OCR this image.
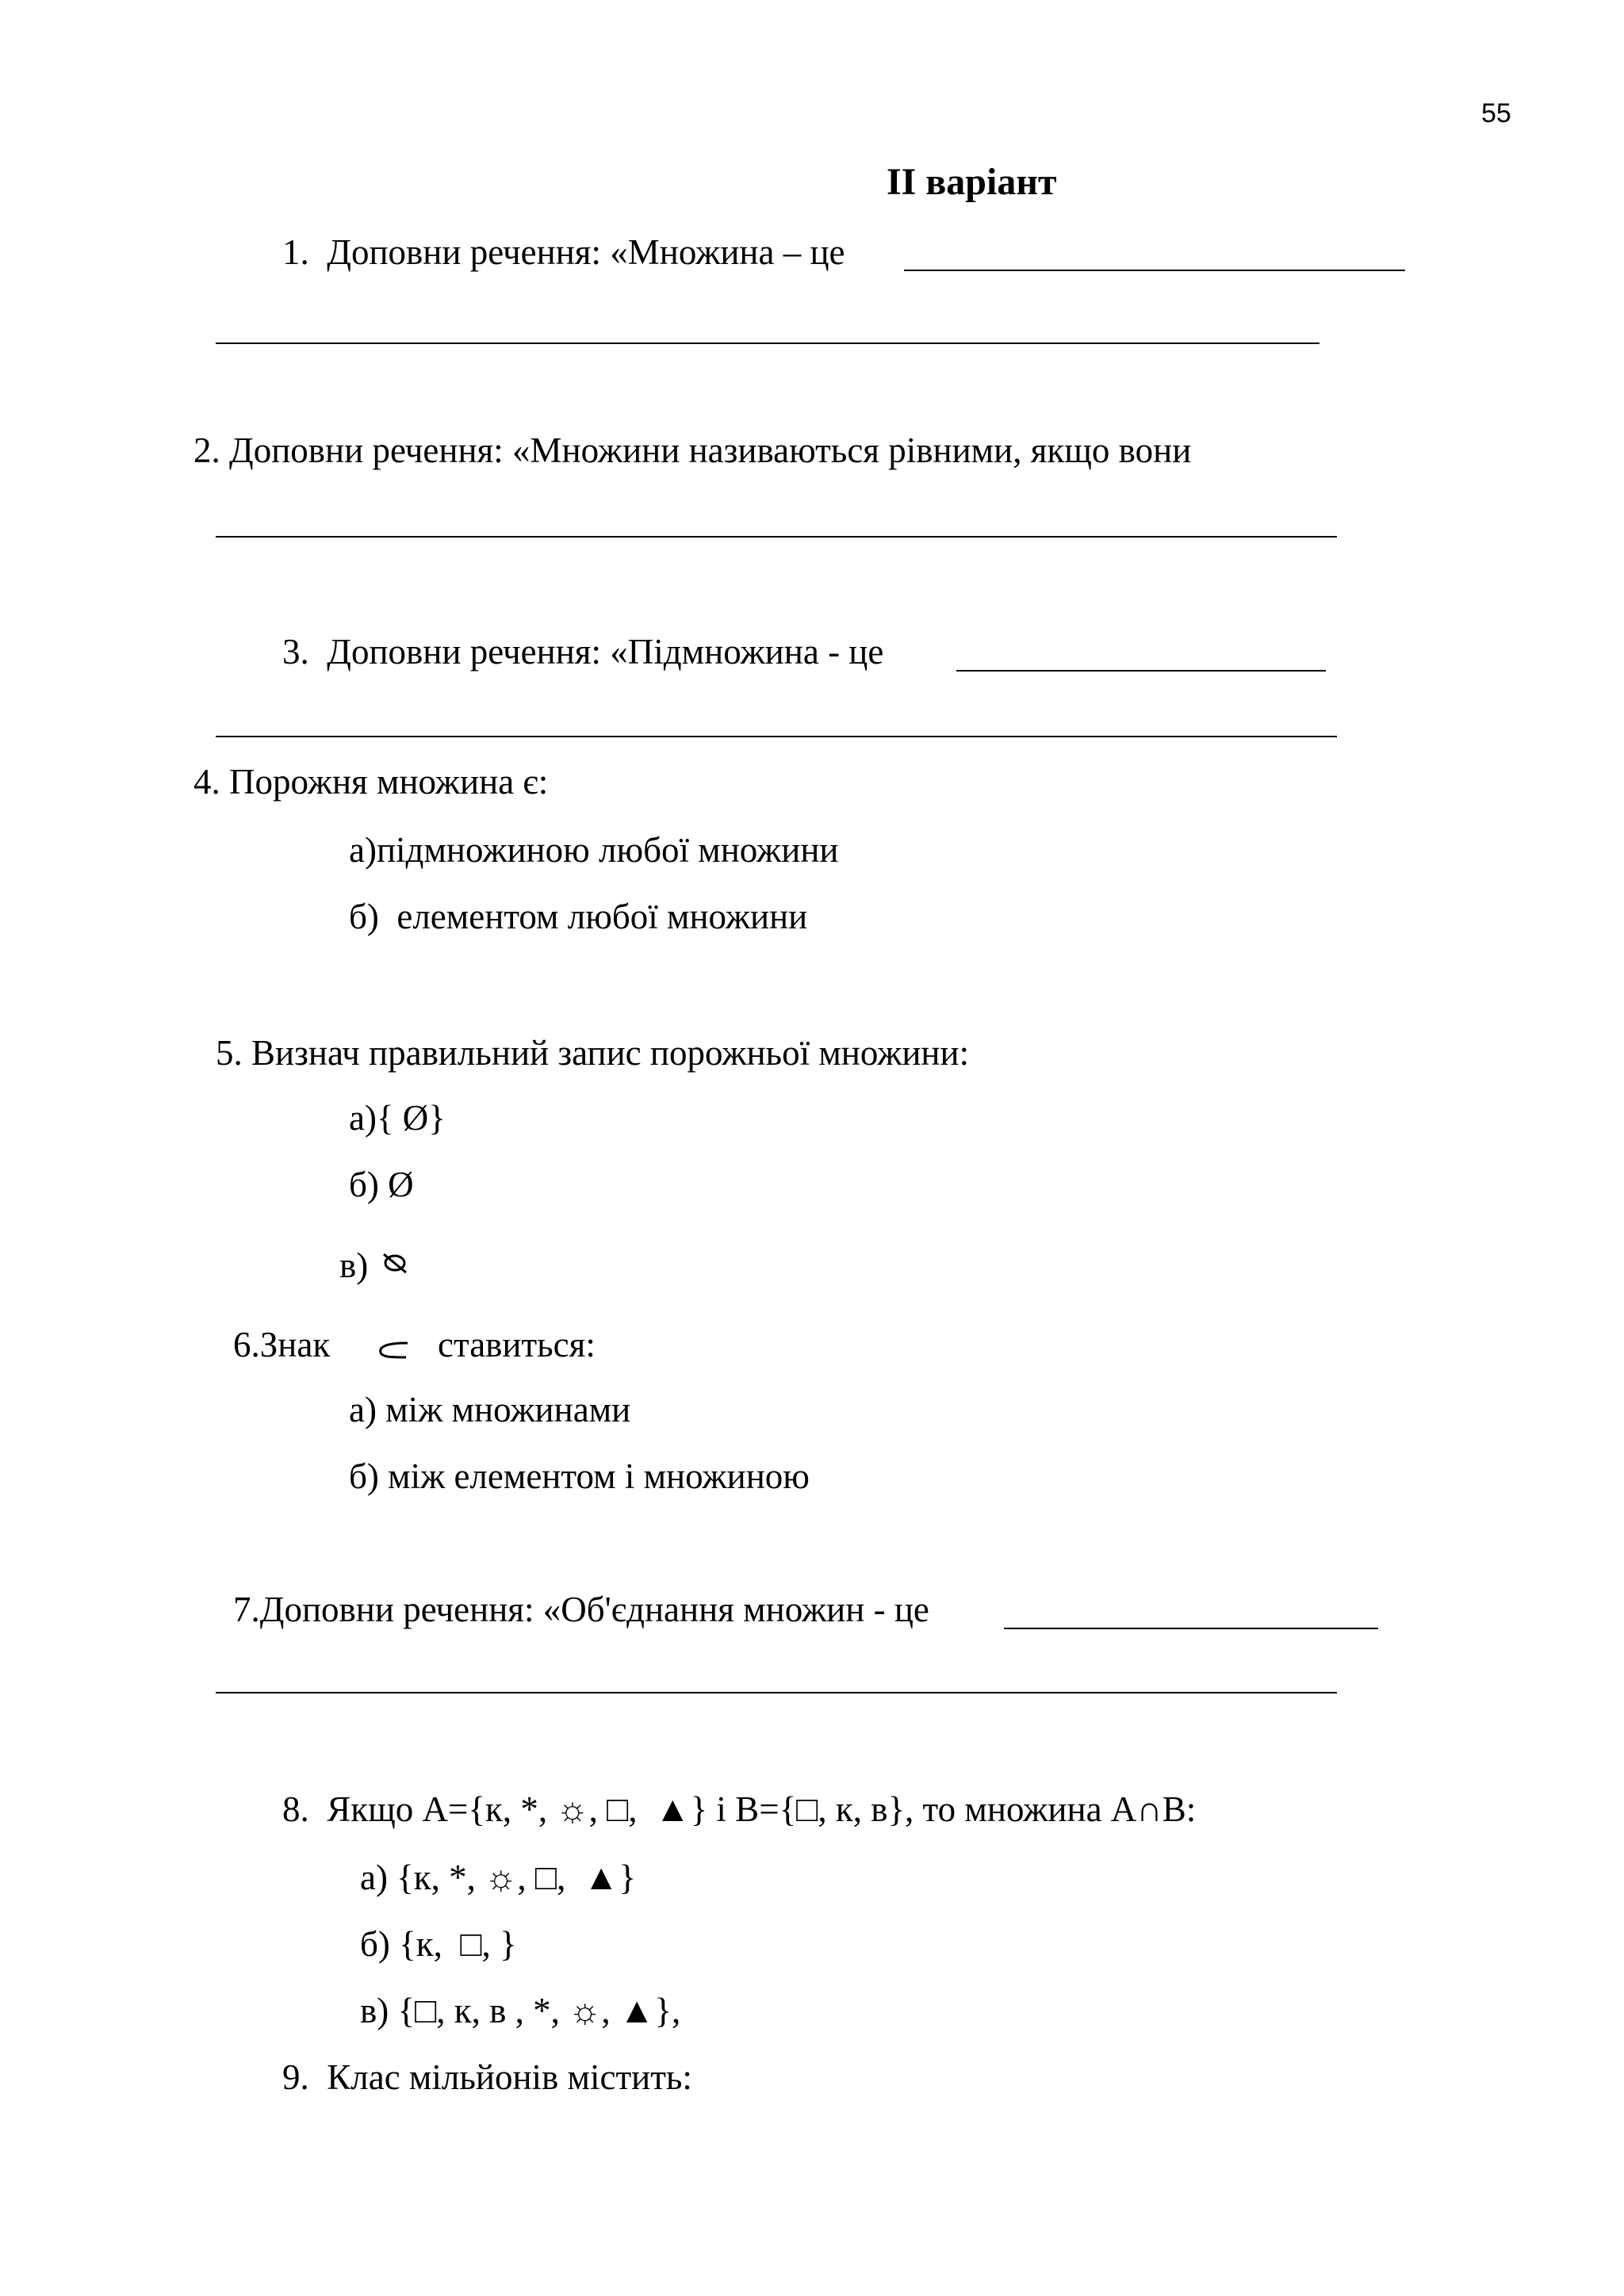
55
ІІ варіант
1.  Доповни речення: «Множина – це
2. Доповни речення: «Множини називаються рівними, якщо вони
3.  Доповни речення: «Підмножина - це
4. Порожня множина є:
а)підмножиною любої множини
б)  елементом любої множини
5. Визнач правильний запис порожньої множини:
а){ Ø}
б) Ø
в)
6.Знак	ставиться:
а) між множинами
б) між елементом і множиною
7.Доповни речення: «Об'єднання множин - це
8.  Якщо А={к, *, ☼, □,  ▲} і В={□, к, в}, то множина А∩В:
а) {к, *, ☼, □,  ▲}
б) {к,  □, }
в) {□, к, в , *, ☼, ▲},
9.  Клас мільйонів містить:
